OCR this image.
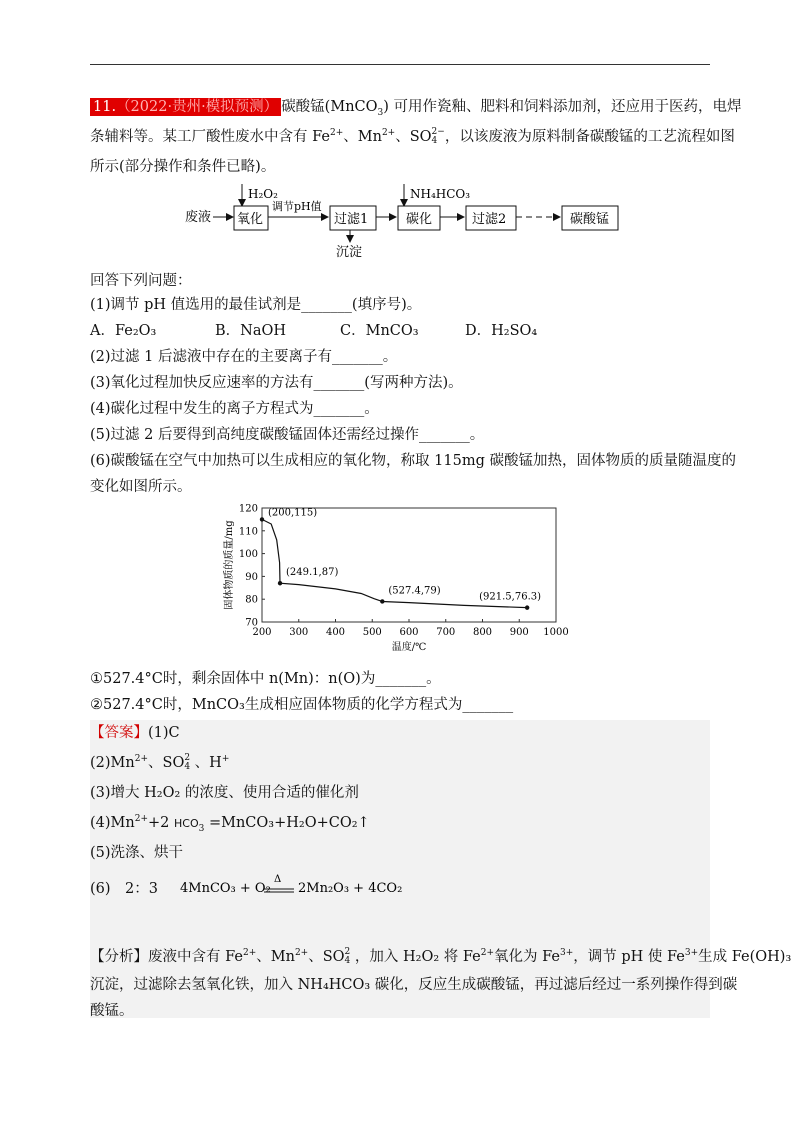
11.（2022·贵州·模拟预测） 碳酸锰(MnCO$_3$) 可用作瓷釉、肥料和饲料添加剂，还应用于医药，电焊
条辅料等。某工厂酸性废水中含有 $Fe^{2+}$、$Mn^{2+}$、SO 2−
4 ，以该废液为原料制备碳酸锰的工艺流程如图
所示(部分操作和条件已略)。
废液
H₂O₂
氧化
调节pH值
过滤1
沉淀
NH₄HCO₃
碳化	过滤2	碳酸锰
回答下列问题：
(1)调节 pH 值选用的最佳试剂是_______(填序号)。
A．Fe₂O₃	B．NaOH	C．MnCO₃	D．H₂SO₄
(2)过滤 1 后滤液中存在的主要离子有_______。
(3)氧化过程加快反应速率的方法有_______(写两种方法)。
(4)碳化过程中发生的离子方程式为_______。
(5)过滤 2 后要得到高纯度碳酸锰固体还需经过操作_______。
(6)碳酸锰在空气中加热可以生成相应的氧化物，称取 115mg 碳酸锰加热，固体物质的质量随温度的
变化如图所示。
200 300 400 500 600 700 800 900 1000
70
80
90
100
110
120
温度/℃
固体物质的质量/mg
(200,115)
(249.1,87)
(527.4,79)
(921.5,76.3)
①527.4°C时，剩余固体中 n(Mn)：n(O)为_______。
②527.4°C时，MnCO₃生成相应固体物质的化学方程式为_______
【答案】(1)C
$(2)Mn^{2+}$、SO 2
4 、H+
(3)增大 H₂O₂ 的浓度、使用合适的催化剂
$(4)Mn^{2+}+2$ $HCO_3$ =MnCO₃+H₂O+CO₂↑
(5)洗涤、烘干
(6)　2：3 4MnCO₃ + O₂
Δ
2Mn₂O₃ + 4CO₂
【分析】废液中含有 $Fe^{2+}$、$Mn^{2+}$、SO 2
4 ，加入 H₂O₂ 将 $Fe^{2+}$氧化为 $Fe^{3+}$，调节 pH 使 $Fe^{3+}$生成 Fe(OH)₃
沉淀，过滤除去氢氧化铁，加入 NH₄HCO₃ 碳化，反应生成碳酸锰，再过滤后经过一系列操作得到碳
酸锰。
